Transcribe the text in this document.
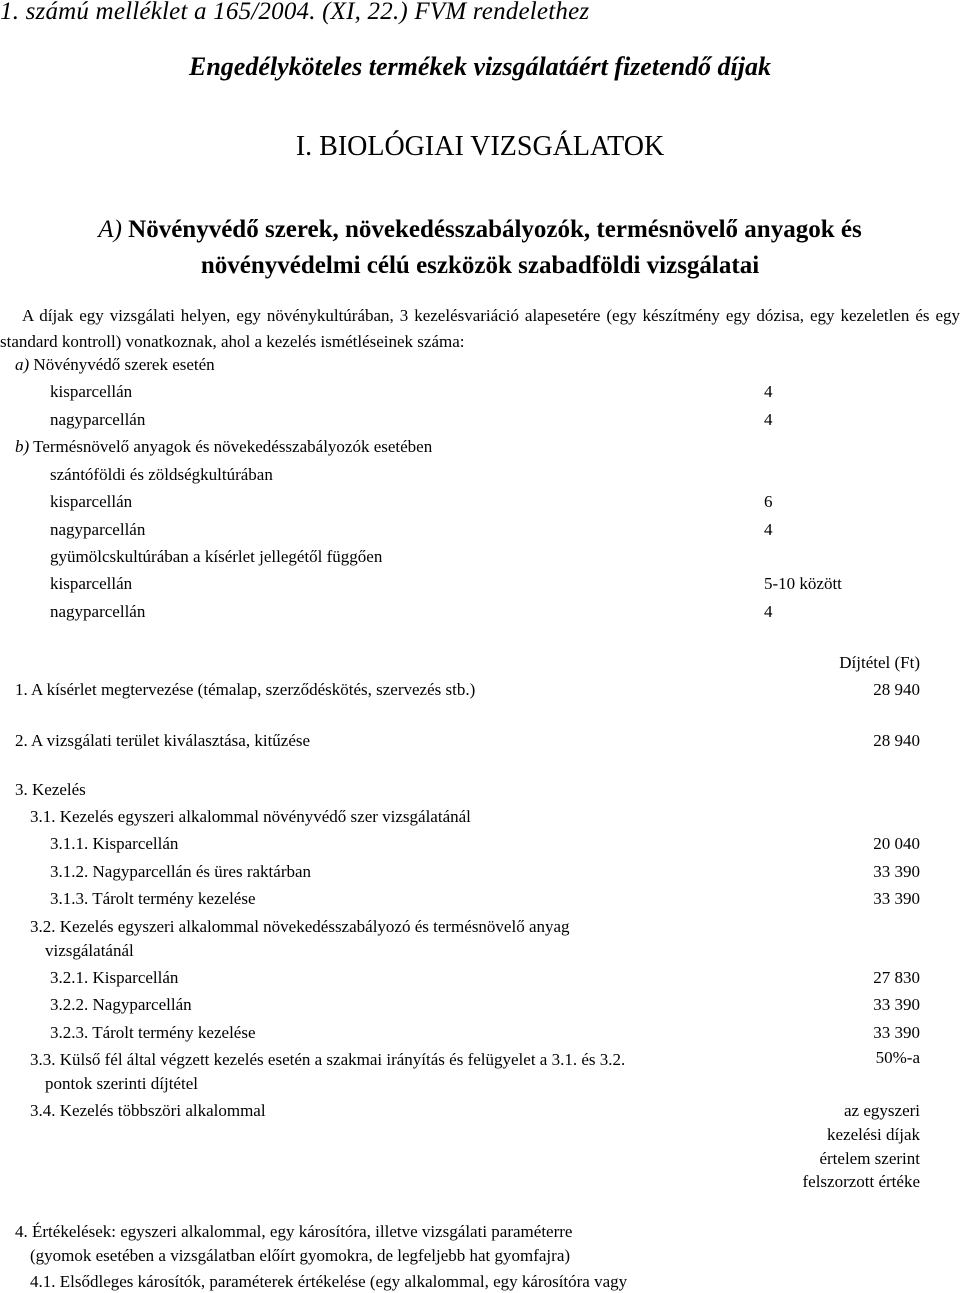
1. számú melléklet a 165/2004. (XI, 22.) FVM rendelethez
Engedélyköteles termékek vizsgálatáért fizetendő díjak
I. BIOLÓGIAI VIZSGÁLATOK
A) Növényvédő szerek, növekedésszabályozók, termésnövelő anyagok és
növényvédelmi célú eszközök szabadföldi vizsgálatai
A díjak egy vizsgálati helyen, egy növénykultúrában, 3 kezelésvariáció alapesetére (egy készítmény egy dózisa, egy kezeletlen és egy standard kontroll) vonatkoznak, ahol a kezelés ismétléseinek száma:
a) Növényvédő szerek esetén
kisparcellán	4
nagyparcellán	4
b) Termésnövelő anyagok és növekedésszabályozók esetében
szántóföldi és zöldségkultúrában
kisparcellán	6
nagyparcellán	4
gyümölcskultúrában a kísérlet jellegétől függően
kisparcellán	5-10 között
nagyparcellán	4
Díjtétel (Ft)
1. A kísérlet megtervezése (témalap, szerződéskötés, szervezés stb.)	28 940
2. A vizsgálati terület kiválasztása, kitűzése	28 940
3. Kezelés
3.1. Kezelés egyszeri alkalommal növényvédő szer vizsgálatánál
3.1.1. Kisparcellán	20 040
3.1.2. Nagyparcellán és üres raktárban	33 390
3.1.3. Tárolt termény kezelése	33 390
3.2. Kezelés egyszeri alkalommal növekedésszabályozó és termésnövelő anyag
vizsgálatánál
3.2.1. Kisparcellán	27 830
3.2.2. Nagyparcellán	33 390
3.2.3. Tárolt termény kezelése	33 390
3.3. Külső fél által végzett kezelés esetén a szakmai irányítás és felügyelet a 3.1. és 3.2.	50%-a
pontok szerinti díjtétel
3.4. Kezelés többszöri alkalommal	az egyszeri
kezelési díjak
értelem szerint
felszorzott értéke
4. Értékelések: egyszeri alkalommal, egy károsítóra, illetve vizsgálati paraméterre
(gyomok esetében a vizsgálatban előírt gyomokra, de legfeljebb hat gyomfajra)
4.1. Elsődleges károsítók, paraméterek értékelése (egy alkalommal, egy károsítóra vagy
